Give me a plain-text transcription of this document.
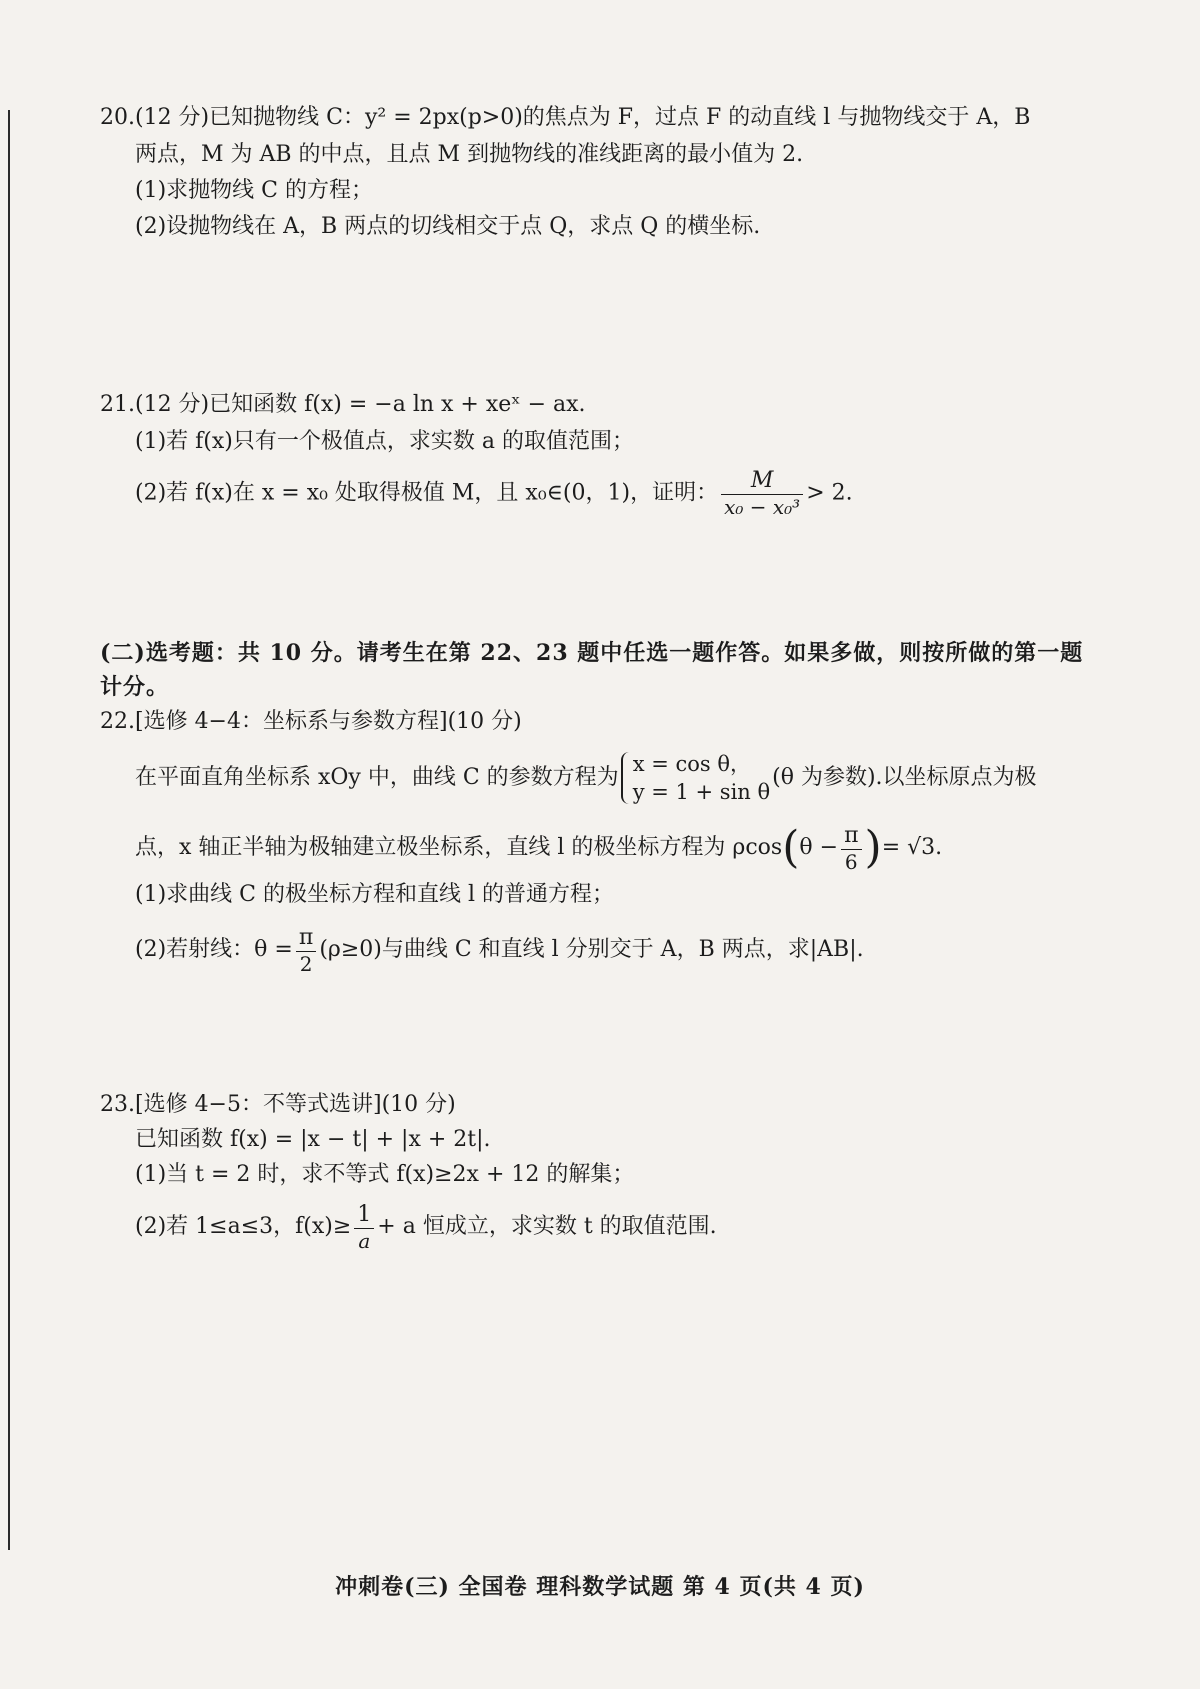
20.(12 分)已知抛物线 C：y² = 2px(p>0)的焦点为 F，过点 F 的动直线 l 与抛物线交于 A，B
两点，M 为 AB 的中点，且点 M 到抛物线的准线距离的最小值为 2.
(1)求抛物线 C 的方程；
(2)设抛物线在 A，B 两点的切线相交于点 Q，求点 Q 的横坐标.
21.(12 分)已知函数 f(x) = −a ln x + xeˣ − ax.
(1)若 f(x)只有一个极值点，求实数 a 的取值范围；
(2)若 f(x)在 x = x₀ 处取得极值 M，且 x₀∈(0，1)，证明： $\frac{M}{\text{x₀ − x₀³}} > 2$.
(二)选考题：共 10 分。请考生在第 22、23 题中任选一题作答。如果多做，则按所做的第一题
计分。
22.[选修 4−4：坐标系与参数方程](10 分)
在平面直角坐标系 xOy 中，曲线 C 的参数方程为
x = cos θ，
y = 1 + sin θ
(θ 为参数).以坐标原点为极
点，x 轴正半轴为极轴建立极坐标系，直线 l 的极坐标方程为 $\rho\cos(\theta - \frac{\pi}{6}$ )= √3.
(1)求曲线 C 的极坐标方程和直线 l 的普通方程；
(2)若射线：$\theta = \frac{\pi}{2} (\rho\ge 0)$与曲线 C 和直线 l 分别交于 A，B 两点，求|AB|.
23.[选修 4−5：不等式选讲](10 分)
已知函数 f(x) = |x − t| + |x + 2t|.
(1)当 t = 2 时，求不等式 f(x)≥2x + 12 的解集；
(2)若 1≤a≤3，$f(x)\ge \frac{1}{a} + a$ 恒成立，求实数 t 的取值范围.
冲刺卷(三) 全国卷 理科数学试题 第 4 页(共 4 页)
